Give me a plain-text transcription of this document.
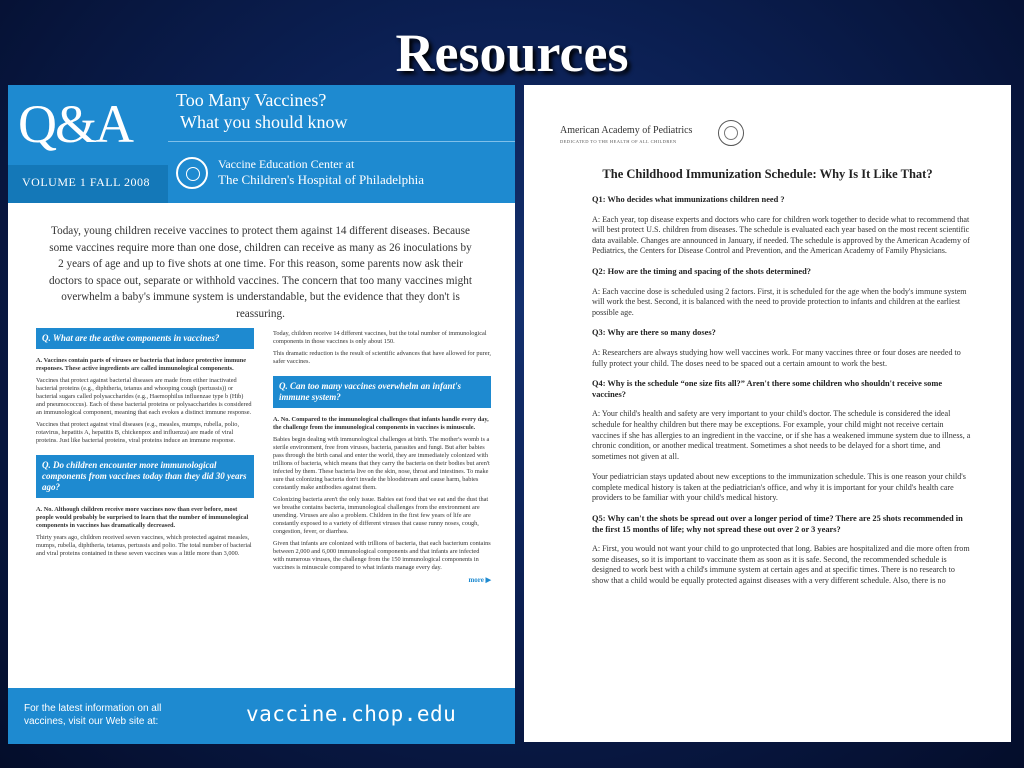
Resources
Q&A
VOLUME 1 FALL 2008
Too Many Vaccines?
What you should know
Vaccine Education Center at
The Children's Hospital of Philadelphia
Today, young children receive vaccines to protect them against 14 different diseases. Because some vaccines require more than one dose, children can receive as many as 26 inoculations by 2 years of age and up to five shots at one time. For this reason, some parents now ask their doctors to space out, separate or withhold vaccines. The concern that too many vaccines might overwhelm a baby's immune system is understandable, but the evidence that they don't is reassuring.
Q. What are the active components in vaccines?

A. Vaccines contain parts of viruses or bacteria that induce protective immune responses. These active ingredients are called immunological components.

Vaccines that protect against bacterial diseases are made from either inactivated bacterial proteins (e.g., diphtheria, tetanus and whooping cough (pertussis)) or bacterial sugars called polysaccharides (e.g., Haemophilus influenzae type b (Hib) and pneumococcus). Each of these bacterial proteins or polysaccharides is considered an immunological component, meaning that each evokes a distinct immune response.

Vaccines that protect against viral diseases (e.g., measles, mumps, rubella, polio, rotavirus, hepatitis A, hepatitis B, chickenpox and influenza) are made of viral proteins. Just like bacterial proteins, viral proteins induce an immune response.

Q. Do children encounter more immunological components from vaccines today than they did 30 years ago?

A. No. Although children receive more vaccines now than ever before, most people would probably be surprised to learn that the number of immunological components in vaccines has dramatically decreased.

Thirty years ago, children received seven vaccines, which protected against measles, mumps, rubella, diphtheria, tetanus, pertussis and polio. The total number of bacterial and viral proteins contained in these seven vaccines was a little more than 3,000.

Today, children receive 14 different vaccines, but the total number of immunological components in those vaccines is only about 150.

This dramatic reduction is the result of scientific advances that have allowed for purer, safer vaccines.

Q. Can too many vaccines overwhelm an infant's immune system?

A. No. Compared to the immunological challenges that infants handle every day, the challenge from the immunological components in vaccines is minuscule.

Babies begin dealing with immunological challenges at birth. The mother's womb is a sterile environment, free from viruses, bacteria, parasites and fungi. But after babies pass through the birth canal and enter the world, they are immediately colonized with trillions of bacteria, which means that they carry the bacteria on their bodies but aren't infected by them. These bacteria live on the skin, nose, throat and intestines. To make sure that colonizing bacteria don't invade the bloodstream and cause harm, babies constantly make antibodies against them.

Colonizing bacteria aren't the only issue. Babies eat food that we eat and the dust that we breathe contains bacteria, immunological challenges from the environment are unending. Viruses are also a problem. Children in the first few years of life are constantly exposed to a variety of different viruses that cause runny noses, cough, congestion, fever, or diarrhea.

Given that infants are colonized with trillions of bacteria, that each bacterium contains between 2,000 and 6,000 immunological components and that infants are infected with numerous viruses, the challenge from the 150 immunological components in vaccines is minuscule compared to what infants manage every day.

more ▶
For the latest information on all vaccines, visit our Web site at:	vaccine.chop.edu
American Academy of Pediatrics
DEDICATED TO THE HEALTH OF ALL CHILDREN
The Childhood Immunization Schedule: Why Is It Like That?
Q1: Who decides what immunizations children need ?
A: Each year, top disease experts and doctors who care for children work together to decide what to recommend that will best protect U.S. children from diseases. The schedule is evaluated each year based on the most recent scientific data available. Changes are announced in January, if needed. The schedule is approved by the American Academy of Pediatrics, the Centers for Disease Control and Prevention, and the American Academy of Family Physicians.
Q2: How are the timing and spacing of the shots determined?
A: Each vaccine dose is scheduled using 2 factors. First, it is scheduled for the age when the body's immune system will work the best. Second, it is balanced with the need to provide protection to infants and children at the earliest possible age.
Q3: Why are there so many doses?
A: Researchers are always studying how well vaccines work. For many vaccines three or four doses are needed to fully protect your child. The doses need to be spaced out a certain amount to work the best.
Q4: Why is the schedule “one size fits all?” Aren't there some children who shouldn't receive some vaccines?
A: Your child's health and safety are very important to your child's doctor. The schedule is considered the ideal schedule for healthy children but there may be exceptions. For example, your child might not receive certain vaccines if she has allergies to an ingredient in the vaccine, or if she has a weakened immune system due to illness, a chronic condition, or another medical treatment. Sometimes a shot needs to be delayed for a short time, and sometimes not given at all.
Your pediatrician stays updated about new exceptions to the immunization schedule. This is one reason your child's complete medical history is taken at the pediatrician's office, and why it is important for your child's health care providers to be familiar with your child's medical history.
Q5: Why can't the shots be spread out over a longer period of time? There are 25 shots recommended in the first 15 months of life; why not spread these out over 2 or 3 years?
A: First, you would not want your child to go unprotected that long. Babies are hospitalized and die more often from some diseases, so it is important to vaccinate them as soon as it is safe. Second, the recommended schedule is designed to work best with a child's immune system at certain ages and at specific times. There is no research to show that a child would be equally protected against diseases with a very different schedule. Also, there is no
